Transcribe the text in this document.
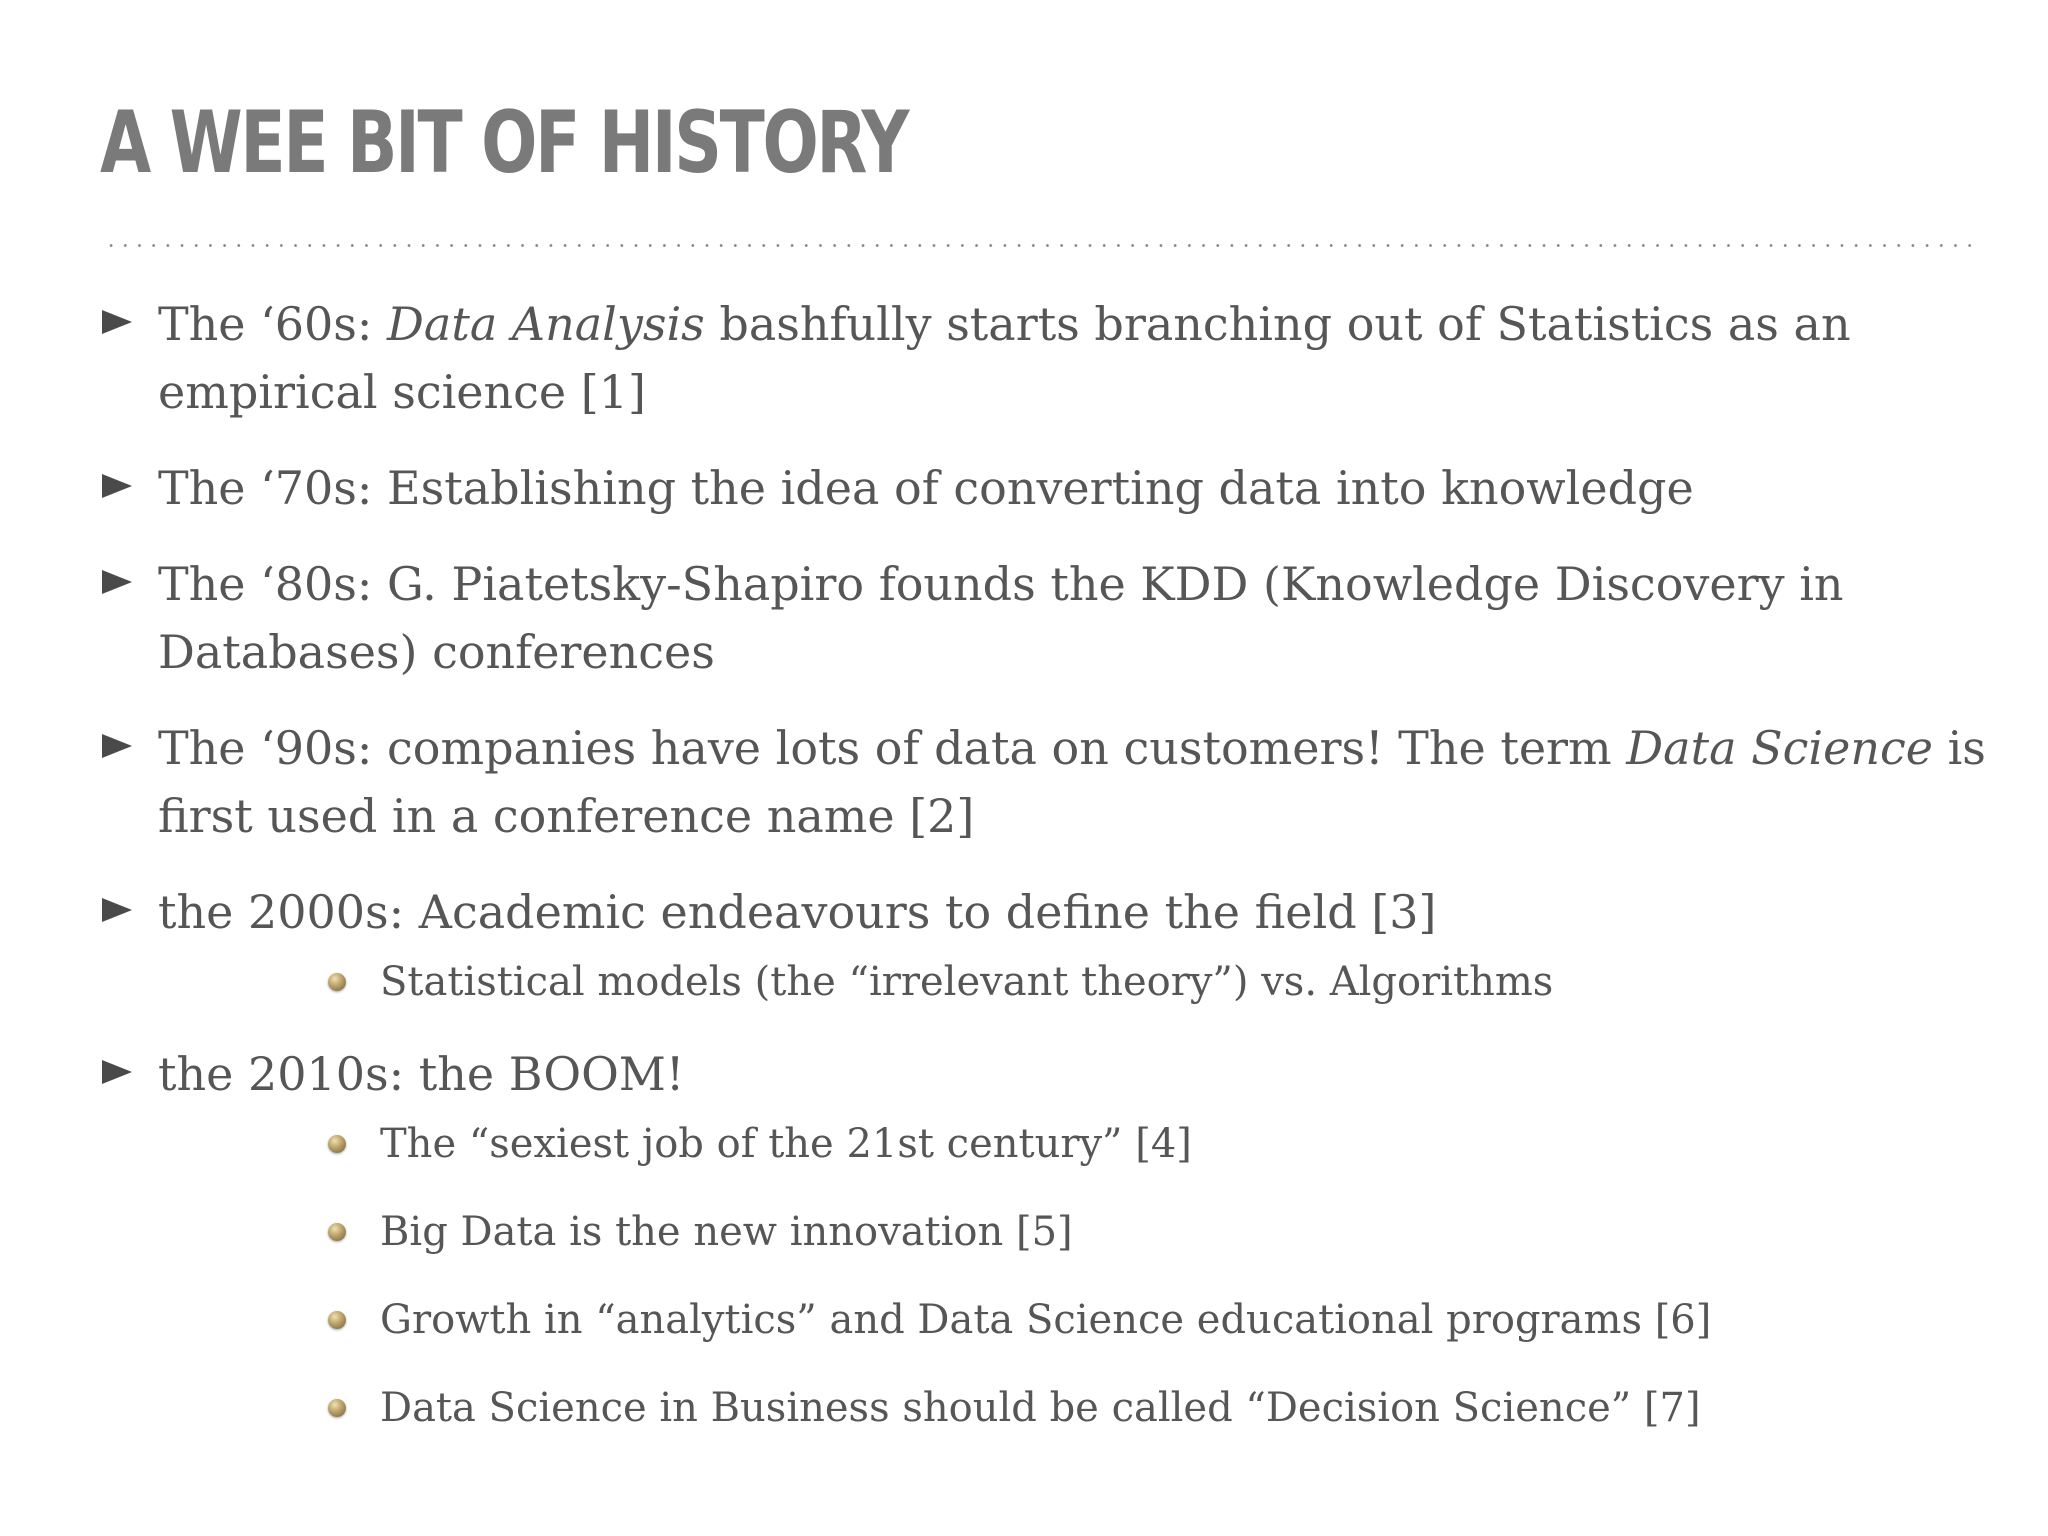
A WEE BIT OF HISTORY
The ‘60s: Data Analysis bashfully starts branching out of Statistics as an empirical science [1]
The ‘70s: Establishing the idea of converting data into knowledge
The ‘80s: G. Piatetsky-Shapiro founds the KDD (Knowledge Discovery in Databases) conferences
The ‘90s: companies have lots of data on customers! The term Data Science is first used in a conference name [2]
the 2000s: Academic endeavours to define the field [3]
Statistical models (the “irrelevant theory”) vs. Algorithms
the 2010s: the BOOM!
The “sexiest job of the 21st century” [4]
Big Data is the new innovation [5]
Growth in “analytics” and Data Science educational programs [6]
Data Science in Business should be called “Decision Science” [7]
